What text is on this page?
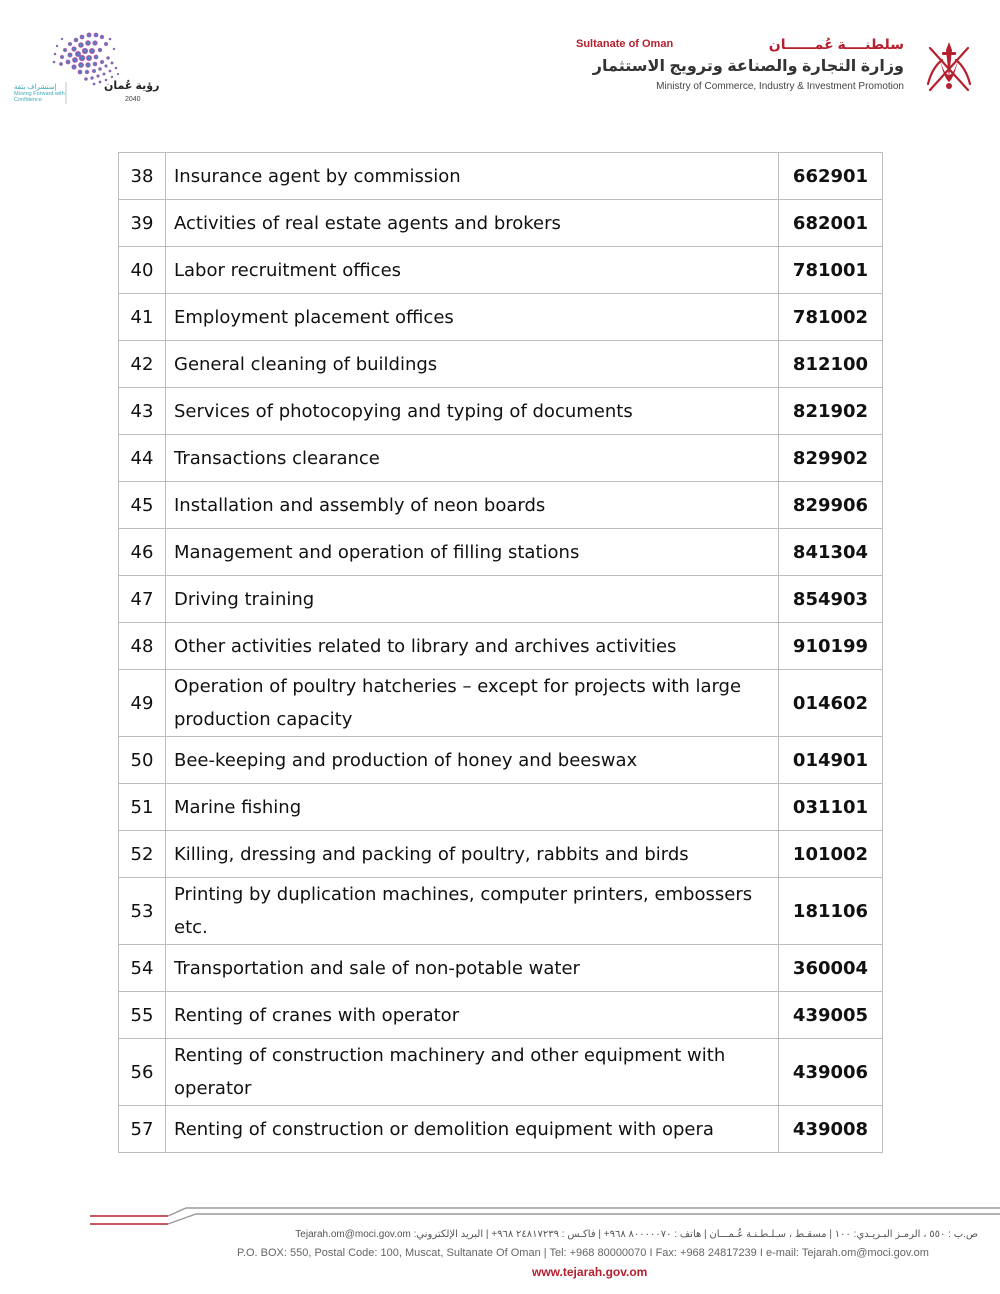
رؤية عُمان
2040
إستشراف بثقة
Moving Forward with Confidence
Sultanate of Oman	سلطنــــة عُمــــــان
وزارة التجارة والصناعة وترويج الاستثمار
Ministry of Commerce, Industry & Investment Promotion
38	Insurance agent by commission	662901
39	Activities of real estate agents and brokers	682001
40	Labor recruitment offices	781001
41	Employment placement offices	781002
42	General cleaning of buildings	812100
43	Services of photocopying and typing of documents	821902
44	Transactions clearance	829902
45	Installation and assembly of neon boards	829906
46	Management and operation of filling stations	841304
47	Driving training	854903
48	Other activities related to library and archives activities	910199
49	Operation of poultry hatcheries – except for projects with large production capacity	014602
50	Bee-keeping and production of honey and beeswax	014901
51	Marine fishing	031101
52	Killing, dressing and packing of poultry, rabbits and birds	101002
53	Printing by duplication machines, computer printers, embossers etc.	181106
54	Transportation and sale of non-potable water	360004
55	Renting of cranes with operator	439005
56	Renting of construction machinery and other equipment with operator	439006
57	Renting of construction or demolition equipment with opera	439008
ص.ب : ٥٥٠ ، الرمـز البـريـدي: ١٠٠ | مسقـط ، سـلـطـنـة عُـمـــان | هاتف : ٨٠٠٠٠٠٧٠ ٩٦٨+ | فاكـس : ٢٤٨١٧٢٣٩ ٩٦٨+ | البريد الإلكتروني: Tejarah.om@moci.gov.om
P.O. BOX: 550, Postal Code: 100, Muscat, Sultanate Of Oman | Tel: +968 80000070 I Fax: +968 24817239 I e-mail: Tejarah.om@moci.gov.om
www.tejarah.gov.om
